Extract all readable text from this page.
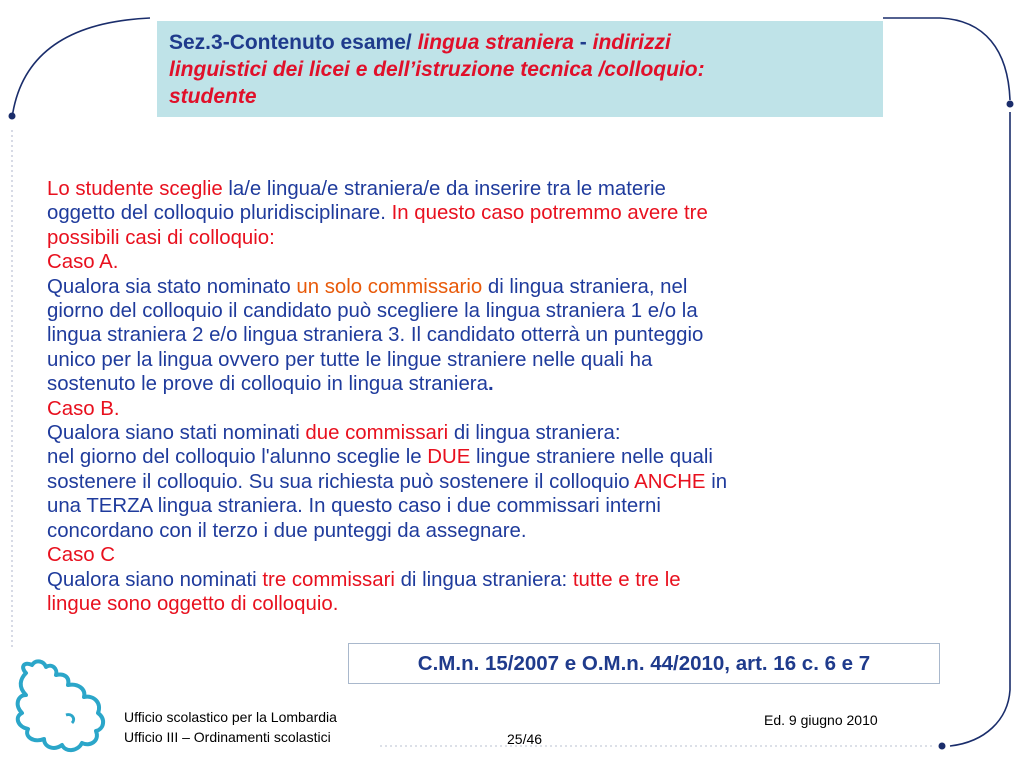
Sez.3-Contenuto esame/ lingua straniera - indirizzi
linguistici dei licei e dell’istruzione tecnica /colloquio:
studente
Lo studente sceglie la/e lingua/e straniera/e da inserire tra le materie
oggetto del colloquio pluridisciplinare. In questo caso potremmo avere tre
possibili casi di colloquio:
Caso A.
Qualora sia stato nominato un solo commissario di lingua straniera, nel
giorno del colloquio il candidato può scegliere la lingua straniera 1 e/o la
lingua straniera 2 e/o lingua straniera 3. Il candidato otterrà un punteggio
unico per la lingua ovvero per tutte le lingue straniere nelle quali ha
sostenuto le prove di colloquio in lingua straniera.
Caso B.
Qualora siano stati nominati due commissari di lingua straniera:
nel giorno del colloquio l'alunno sceglie le DUE lingue straniere nelle quali
sostenere il colloquio. Su sua richiesta può sostenere il colloquio ANCHE in
una TERZA lingua straniera. In questo caso i due commissari interni
concordano con il terzo i due punteggi da assegnare.
Caso C
Qualora siano nominati tre commissari di lingua straniera: tutte e tre le
lingue sono oggetto di colloquio.
C.M.n. 15/2007 e O.M.n. 44/2010, art. 16 c. 6 e 7
Ufficio scolastico per la Lombardia
Ufficio III – Ordinamenti scolastici	25/46
Ed. 9 giugno 2010
